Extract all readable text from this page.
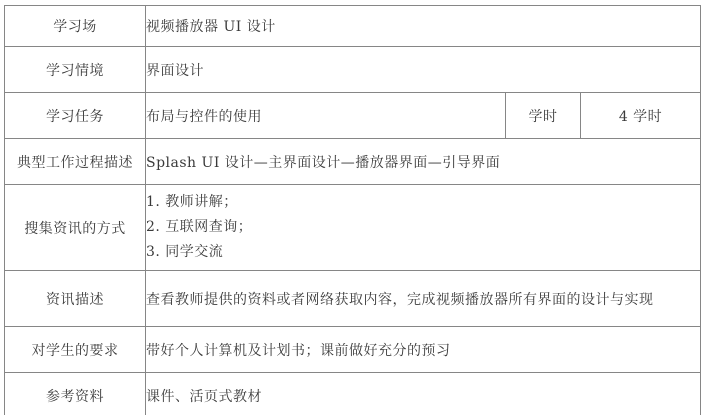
学习场	视频播放器 UI 设计		
学习情境	界面设计		
学习任务	布局与控件的使用	学时	4 学时
典型工作过程描述	Splash UI 设计—主界面设计—播放器界面—引导界面		
搜集资讯的方式	1. 教师讲解；
2. 互联网查询；
3. 同学交流		

资讯描述	查看教师提供的资料或者网络获取内容，完成视频播放器所有界面的设计与实现		
对学生的要求	带好个人计算机及计划书；课前做好充分的预习		
参考资料	课件、活页式教材		
